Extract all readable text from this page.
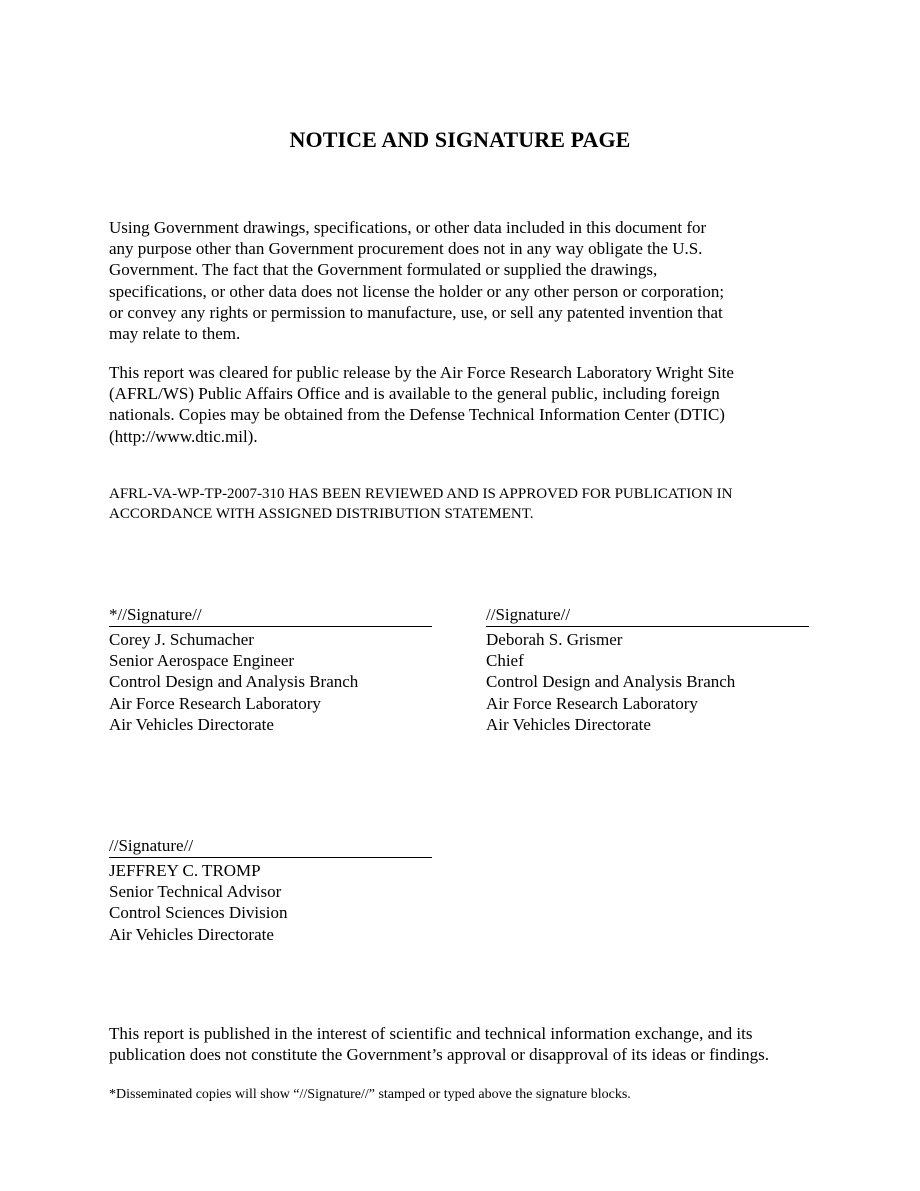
NOTICE AND SIGNATURE PAGE

Using Government drawings, specifications, or other data included in this document for
any purpose other than Government procurement does not in any way obligate the U.S.
Government. The fact that the Government formulated or supplied the drawings,
specifications, or other data does not license the holder or any other person or corporation;
or convey any rights or permission to manufacture, use, or sell any patented invention that
may relate to them.

This report was cleared for public release by the Air Force Research Laboratory Wright Site
(AFRL/WS) Public Affairs Office and is available to the general public, including foreign
nationals. Copies may be obtained from the Defense Technical Information Center (DTIC)
(http://www.dtic.mil).

AFRL-VA-WP-TP-2007-310 HAS BEEN REVIEWED AND IS APPROVED FOR PUBLICATION IN
ACCORDANCE WITH ASSIGNED DISTRIBUTION STATEMENT.

*//Signature//
Corey J. Schumacher
Senior Aerospace Engineer
Control Design and Analysis Branch
Air Force Research Laboratory
Air Vehicles Directorate
//Signature//
Deborah S. Grismer
Chief
Control Design and Analysis Branch
Air Force Research Laboratory
Air Vehicles Directorate
//Signature//
JEFFREY C. TROMP
Senior Technical Advisor
Control Sciences Division
Air Vehicles Directorate

This report is published in the interest of scientific and technical information exchange, and its
publication does not constitute the Government’s approval or disapproval of its ideas or findings.

*Disseminated copies will show “//Signature//” stamped or typed above the signature blocks.
